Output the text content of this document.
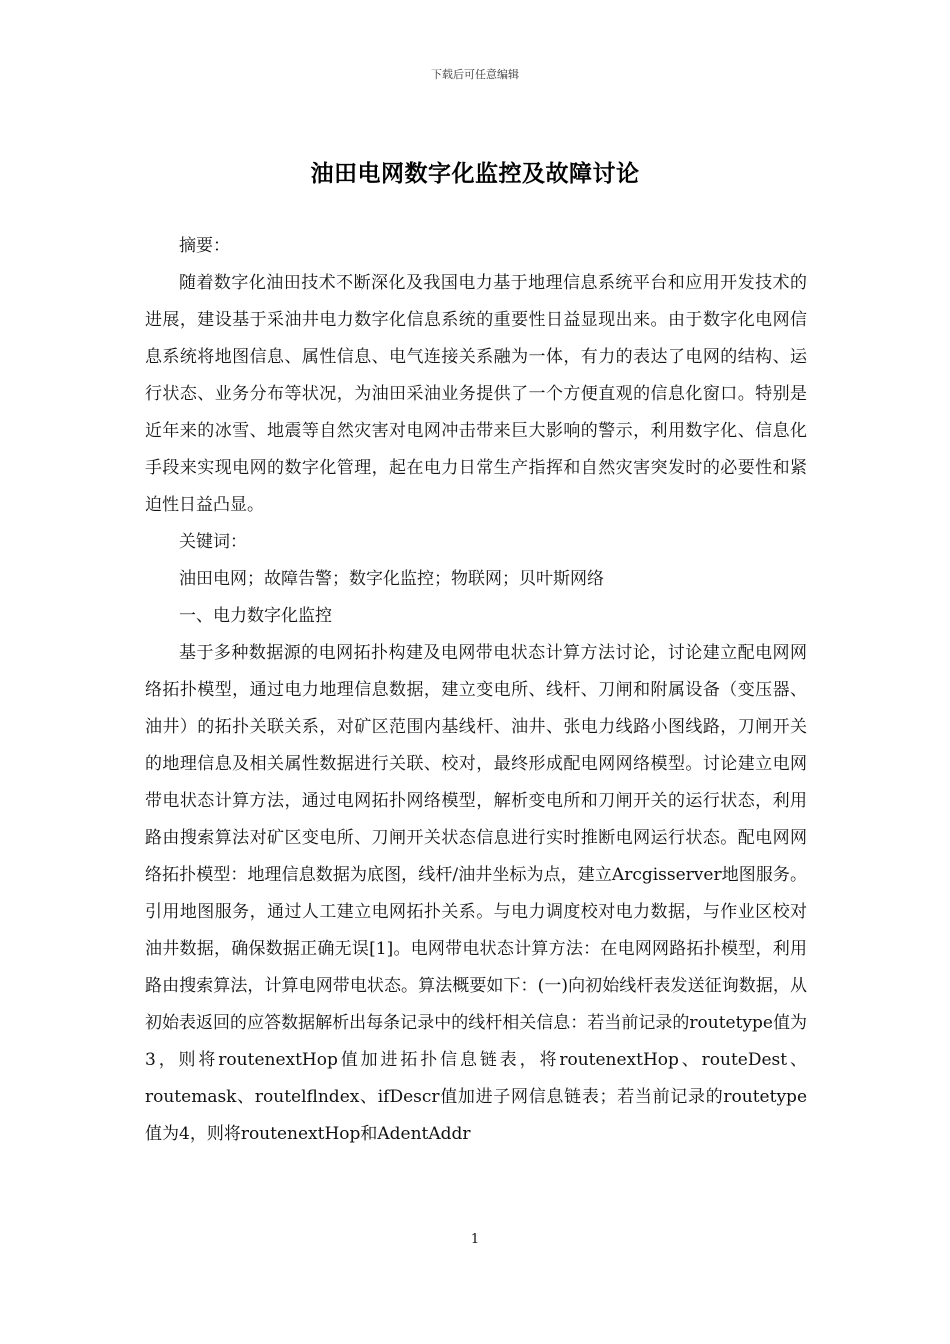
下载后可任意编辑
油田电网数字化监控及故障讨论

摘要：

随着数字化油田技术不断深化及我国电力基于地理信息系统平台和应用开发技术的进展，建设基于采油井电力数字化信息系统的重要性日益显现出来。由于数字化电网信息系统将地图信息、属性信息、电气连接关系融为一体，有力的表达了电网的结构、运行状态、业务分布等状况，为油田采油业务提供了一个方便直观的信息化窗口。特别是近年来的冰雪、地震等自然灾害对电网冲击带来巨大影响的警示，利用数字化、信息化手段来实现电网的数字化管理，起在电力日常生产指挥和自然灾害突发时的必要性和紧迫性日益凸显。

关键词：

油田电网；故障告警；数字化监控；物联网；贝叶斯网络

一、电力数字化监控

基于多种数据源的电网拓扑构建及电网带电状态计算方法讨论，讨论建立配电网网络拓扑模型，通过电力地理信息数据，建立变电所、线杆、刀闸和附属设备（变压器、油井）的拓扑关联关系，对矿区范围内基线杆、油井、张电力线路小图线路，刀闸开关的地理信息及相关属性数据进行关联、校对，最终形成配电网网络模型。讨论建立电网带电状态计算方法，通过电网拓扑网络模型，解析变电所和刀闸开关的运行状态，利用路由搜索算法对矿区变电所、刀闸开关状态信息进行实时推断电网运行状态。配电网网络拓扑模型：地理信息数据为底图，线杆/油井坐标为点，建立Arcgisserver地图服务。引用地图服务，通过人工建立电网拓扑关系。与电力调度校对电力数据，与作业区校对油井数据，确保数据正确无误[1]。电网带电状态计算方法：在电网网路拓扑模型，利用路由搜索算法，计算电网带电状态。算法概要如下：(一)向初始线杆表发送征询数据，从初始表返回的应答数据解析出每条记录中的线杆相关信息：若当前记录的routetype值为3，则将routenextHop值加进拓扑信息链表，将routenextHop、routeDest、routemask、routelflndex、ifDescr值加进子网信息链表；若当前记录的routetype值为4，则将routenextHop和AdentAddr

1
